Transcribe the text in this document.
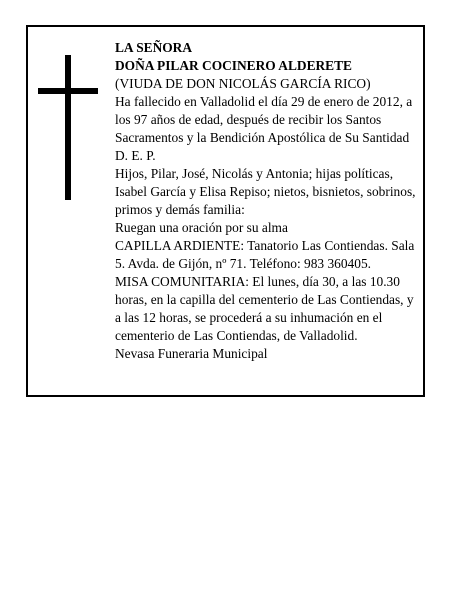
LA SEÑORA

DOÑA PILAR COCINERO ALDERETE

(VIUDA DE DON NICOLÁS GARCÍA RICO)

Ha fallecido en Valladolid el día 29 de enero de 2012, a los 97 años de edad, después de recibir los Santos Sacramentos y la Bendición Apostólica de Su Santidad

D. E. P.

Hijos, Pilar, José, Nicolás y Antonia; hijas políticas, Isabel García y Elisa Repiso; nietos, bisnietos, sobrinos, primos y demás familia:

Ruegan una oración por su alma

CAPILLA ARDIENTE: Tanatorio Las Contiendas. Sala 5. Avda. de Gijón, nº 71. Teléfono: 983 360405.

MISA COMUNITARIA: El lunes, día 30, a las 10.30 horas, en la capilla del cementerio de Las Contiendas, y a las 12 horas, se procederá a su inhumación en el cementerio de Las Contiendas, de Valladolid.

Nevasa Funeraria Municipal
